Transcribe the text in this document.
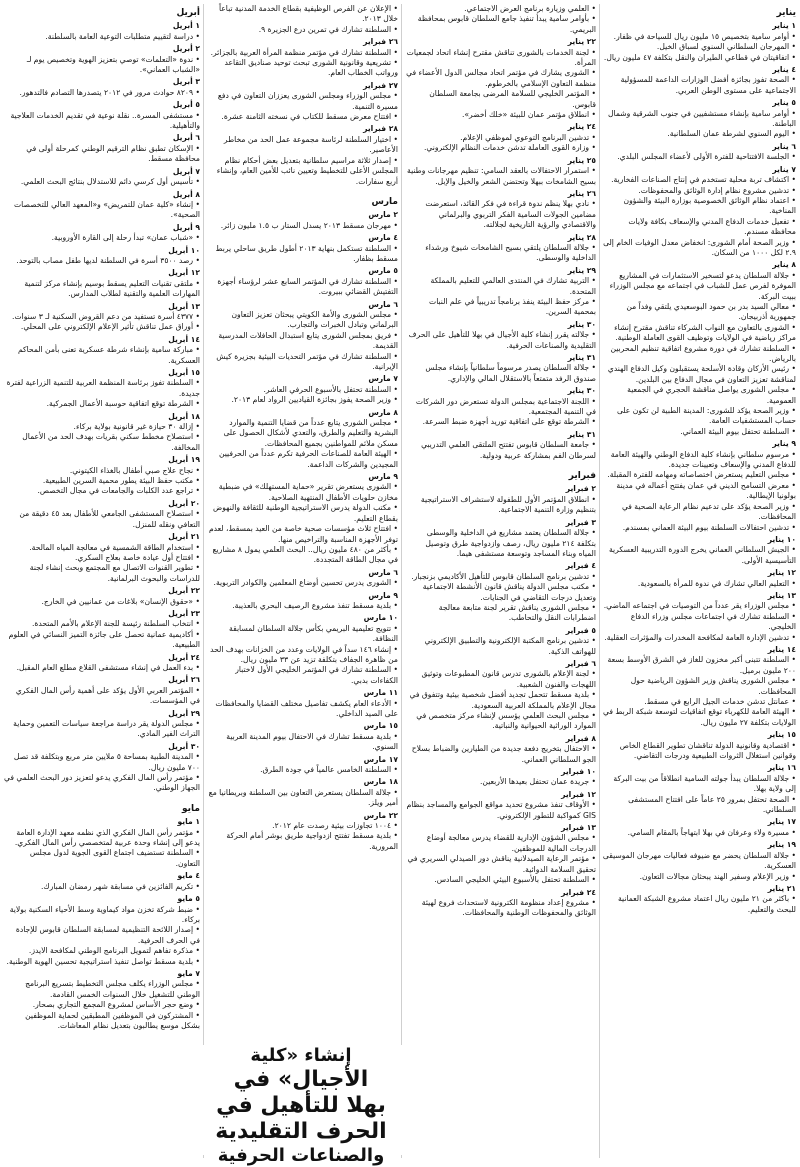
يناير
١ يناير
• أوامر سامية بتخصيص ١٥ مليون ريال للسياحة في ظفار.
• المهرجان السلطاني السنوي لسباق الخيل.
• اتفاقيتان في قطاعي الطيران والنقل بتكلفة ٤٧ مليون ريال.
٤ يناير
• الصحة تفوز بجائزة أفضل الوزارات الداعمة للمسؤولية الاجتماعية على مستوى الوطن العربي.
٥ يناير
• أوامر سامية بإنشاء مستشفيين في جنوب الشرقية وشمال الباطنة.
• اليوم السنوي لشرطة عمان السلطانية.
٦ يناير
• الجلسة الافتتاحية للفترة الأولى لأعضاء المجلس البلدي.
٧ يناير
• اكتشاف تربة محلية تستخدم في إنتاج الصناعات الفخارية.
• تدشين مشروع نظام إدارة الوثائق والمحفوظات.
• اعتماد نظام الوثائق الخصوصية بوزارة البيئة والشؤون المناخية.
• تفعيل خدمات الدفاع المدني والإسعاف بكافة ولايات محافظة مسندم.
• وزير الصحة أمام الشورى: انخفاض معدل الوفيات الخام إلى ٢.٩ لكل ١٠٠٠ من السكان.
٨ يناير
• جلالة السلطان يدعو لتسخير الاستثمارات في المشاريع الموفرة لفرص عمل للشباب في اجتماعه مع مجلس الوزراء ببيت البركة.
• معالي السيد بدر بن حمود البوسعيدي يلتقي وفداً من جمهورية أذربيجان.
• الشورى بالتعاون مع النواب الشركاء تناقش مقترح إنشاء مراكز رياضية في الولايات وتوظيف القوى العاملة الوطنية.
• السلطنة تشارك في دورة مشروع اتفاقية تنظيم المحربين بالرياض.
• رئيس الأركان وقادة الأسلحة يستقبلون وكيل الدفاع الهندي لمناقشة تعزيز التعاون في مجال الدفاع بين البلدين.
• مجلس الشورى يواصل مناقشة الحجري في الجمعية العمومية.
• وزير الصحة يؤكد للشورى: المدينة الطبية لن تكون على حساب المستشفيات العامة.
• السلطنة تحتفل بيوم البيئة العماني.
٩ يناير
• مرسوم سلطاني بإنشاء كلية الدفاع الوطني والهيئة العامة للدفاع المدني والإسعاف وتعيينات جديدة.
• مجلس التعليم يستعرض اختصاصاته ومهامه للفترة المقبلة.
• معرض التسامح الديني في عمان يفتتح أعماله في مدينة بولونيا الإيطالية.
• وزير الصحة يؤكد على تدعيم نظام الرعاية الصحية في المحافظات.
• تدشين احتفالات السلطنة بيوم البيئة العماني بمسندم.
١٠ يناير
• الجيش السلطاني العماني يخرج الدورة التدريبية العسكرية التأسيسية الأولى.
١٢ يناير
• التعليم العالي تشارك في ندوة للمرأة بالسعودية.
١٣ يناير
• مجلس الوزراء يقر عدداً من التوصيات في اجتماعه الماضي.
• السلطنة تشارك في اجتماعات مجلس وزراء الدفاع الخليجي.
• تدشين الإدارة العامة لمكافحة المخدرات والمؤثرات العقلية.
١٤ يناير
• السلطنة تتبنى أكبر مخزون للغاز في الشرق الأوسط بسعة ٢٠٠ مليون برميل.
• مجلس الشورى يناقش وزير الشؤون الرياضية حول المحافظات.
• عمانتل تدشن خدمات الجيل الرابع في مسقط.
• الهيئة العامة للكهرباء توقع اتفاقيات لتوسعة شبكة الربط في الولايات بتكلفة ٢٧ مليون ريال.
١٥ يناير
• اقتصادية وقانونية الدولة تناقشان تطوير القطاع الخاص وقوانين استغلال الثروات الطبيعية ودرجات التقاضي.
١٦ يناير
• جلالة السلطان يبدأ جولته السامية انطلاقاً من بيت البركة إلى ولاية بهلا.
• الصحة تحتفل بمرور ٢٥ عاماً على افتتاح المستشفى السلطاني.
١٧ يناير
• مسيرة ولاء وعرفان في بهلا ابتهاجاً بالمقام السامي.
١٩ يناير
• جلالة السلطان يحضر مع ضيوفه فعاليات مهرجان الموسيقى العسكرية.
• وزير الإعلام وسفير الهند يبحثان مجالات التعاون.
٢١ يناير
• باكثر من ٢١ مليون ريال اعتماد مشروع الشبكة العمانية للبحث والتعليم.
• العلمي وزيارة برنامج العرض الاجتماعي.
• بأوامر سامية يبدأ تنفيذ جامع السلطان قابوس بمحافظة البريمي.
٢٢ يناير
• لجنة الخدمات بالشورى تناقش مقترح إنشاء اتحاد لجمعيات المرأة.
• الشورى يشارك في مؤتمر اتحاد مجالس الدول الأعضاء في منظمة التعاون الإسلامي بالخرطوم.
• المؤتمر الخليجي للسلامة المرضى بجامعة السلطان قابوس.
• انطلاق مؤتمر عمان للبيئة «خلك أخضر».
٢٤ يناير
• تدشين البرنامج التوعوي لموظفي الإعلام.
• وزارة القوى العاملة تدشن خدمات النظام الإلكتروني.
٢٥ يناير
• استمرار الاحتفالات بالعقد السامي: تنظيم مهرجانات وطنية بسيح الشامخات ببهلا وتحتضن الشعر والخيل والإبل.
٢٦ يناير
• نادي بهلا ينظم ندوة قراءة في فكر القائد، استعرضت مضامين الجولات السامية الفكر التربوي والبرلماني والاقتصادي والرؤية التاريخية لجلالته.
٢٨ يناير
• جلالة السلطان يلتقي بسيح الشامخات شيوخ ورشداء الداخلية والوسطى.
٢٩ يناير
• التربية تشارك في المنتدى العالمي للتعليم بالمملكة المتحدة.
• مركز حفظ البيئة ينفذ برنامجاً تدريبياً في علم النبات بمحمية السرين.
٣٠ يناير
• جلالته يقرر إنشاء كلية الأجيال في بهلا للتأهيل على الحرف التقليدية والصناعات الحرفية.
٣١ يناير
• جلالة السلطان يصدر مرسوماً سلطانياً بإنشاء مجلس صندوق الرفد متمتعاً بالاستقلال المالي والإداري.
٣٠ يناير
• اللجنة الاجتماعية بمجلس الدولة تستعرض دور الشركات في التنمية المجتمعية.
• الشرطة توقع على اتفاقية توريد أجهزة ضبط السرعة.
٣١ يناير
• جامعة السلطان قابوس تفتتح الملتقى العلمي التدريبي لسرطان الفم بمشاركة عربية ودولية.
فبراير
٢ فبراير
• انطلاق المؤتمر الأول للطفولة لاستشراف الاستراتيجية بتنظيم وزارة التنمية الاجتماعية.
٣ فبراير
• جلالة السلطان يعتمد مشاريع في الداخلية والوسطى بتكلفة ٢١٤ مليون ريال، رصف وازدواجية طرق وتوصيل المياه وبناء المساجد وتوسعة مستشفى هيما.
٤ فبراير
• تدشين برنامج السلطان قابوس للتأهيل الأكاديمي بزنجبار.
• مكتب مجلس الدولة يناقش قانون الأنشطة الاجتماعية وتعديل درجات التقاضي في الجنايات.
• مجلس الشورى يناقش تقرير لجنة متابعة معالجة اضطرابات النقل والتحاطب.
٥ فبراير
• تدشين برنامج المكتبة الإلكترونية والتطبيق الإلكتروني للهواتف الذكية.
٦ فبراير
• لجنة الإعلام بالشورى تدرس قانون المطبوعات وتوثيق اللهجات والفنون الشعبية.
• بلدية مسقط تتحمل تجديد أفضل شخصية بيئية وتتفوق في مجال الإعلام بالمملكة العربية السعودية.
• مجلس البحث العلمي يؤسس لإنشاء مركز متخصص في الموارد الوراثية الحيوانية والنباتية.
٨ فبراير
• الاحتفال بتخريج دفعة جديدة من الطيارين والضباط بسلاح الجو السلطاني العماني.
١٠ فبراير
• جريدة عمان تحتفل بعيدها الأربعين.
١٢ فبراير
• الأوقاف تنفذ مشروع تحديد مواقع الجوامع والمساجد بنظام GIS كمواكبة للتطور الإلكتروني.
١٣ فبراير
• مجلس الشؤون الإدارية للقضاء يدرس معالجة أوضاع الدرجات المالية للموظفين.
• مؤتمر الرعاية الصيدلانية يناقش دور الصيدلي السريري في تحقيق السلامة الدوائية.
• السلطنة تحتفل بالأسبوع البيئي الخليجي السادس.
٢٤ فبراير
• مشروع إعداد منظومة الكترونية لاستحداث فروع لهيئة الوثائق والمحفوظات الوطنية والمحافظات.
• الإعلان عن الفرص الوظيفية بقطاع الخدمة المدنية تباعاً خلال ٢٠١٣.
• السلطنة تشارك في تمرين درع الجزيرة ٩.
٢٦ فبراير
• السلطنة تشارك في مؤتمر منظمة المرأة العربية بالجزائر.
• تشريعية وقانونية الشورى تبحث توحيد صناديق التقاعد ورواتب الخطاب العام.
٢٧ فبراير
• مجلس الوزراء ومجلس الشورى يعززان التعاون في دفع مسيرة التنمية.
• افتتاح معرض مسقط للكتاب في نسخته الثامنة عشرة.
٢٨ فبراير
• اختيار السلطنة لرئاسة مجموعة عمل الحد من مخاطر الأعاصير.
• إصدار ثلاثة مراسيم سلطانية بتعديل بعض أحكام نظام المجلس الأعلى للتخطيط وتعيين نائب للأمين العام، وإنشاء أربع سفارات.
مارس
٢ مارس
• مهرجان مسقط ٢٠١٣ يسدل الستار ب ١.٥ مليون زائر.
٤ مارس
• السلطنة تستكمل بنهاية ٢٠١٣ أطول طريق ساحلي يربط مسقط بظفار.
٥ مارس
• السلطنة تشارك في المؤتمر السابع عشر لرؤساء أجهزة التفتيش القضائي ببيروت.
٦ مارس
• مجلس الشورى والأمة الكويتي يبحثان تعزيز التعاون البرلماني وتبادل الخبرات والتجارب.
• فريق بمجلس الشورى يتابع استبدال الحافلات المدرسية القديمة.
• السلطنة تشارك في مؤتمر التحديات البيئية بجزيرة كيش الإيرانية.
٧ مارس
• السلطنة تحتفل بالأسبوع الحرفي العاشر.
• وزير الصحة يفوز بجائزة القياديين الرواد لعام ٢٠١٣.
٨ مارس
• مجلس الشورى يتابع عدداً من قضايا التنمية والموارد البشرية والتعليم والطرق، والتعدي لأشكال الحصول على مسكن ملائم للمواطنين بجميع المحافظات.
• الهيئة العامة للصناعات الحرفية تكرم عدداً من الحرفيين المجيدين والشركات الداعمة.
٩ مارس
• الشورى يستعرض تقرير «حماية المستهلك» في ضبطية مخازن حلويات الأطفال المنتهية الصلاحية.
• مكتب الدولة يدرس الاستراتيجية الوطنية للثقافة والنهوض بقطاع التعليم.
• افتتاح ثلاث مؤسسات صحية خاصة من العيد بمسقط، لعدم توفر الأجهزة المناسبة والتراخيص منها.
• بأكثر من ٤٨٠ مليون ريال.. البحث العلمي يمول ٨ مشاريع في مجال الطاقة المتجددة.
٦ مارس
• الشورى يدرس تحسين أوضاع المعلمين والكوادر التربوية.
٩ مارس
• بلدية مسقط تنفذ مشروع الرصيف البحري بالعذيبة.
١٠ مارس
• تتويج تعليمية البريمي بكأس جلالة السلطان لمسابقة النظافة.
• إنشاء ١٤٦ سداً في الولايات وعدد من الخزانات بهدف الحد من ظاهرة الجفاف بتكلفة تزيد عن ٣٣ مليون ريال.
• السلطنة تشارك في المؤتمر الخليجي الأول لاختبار الكفاءات بدبي.
١١ مارس
• الأدعاء العام يكشف تفاصيل مختلف القضايا والمحافظات على الصيد الداخلي.
١٥ مارس
• بلدية مسقط تشارك في الاحتفال بيوم المدينة العربية السنوي.
١٧ مارس
• السلطنة الخامس عالمياً في جودة الطرق.
١٨ مارس
• جلالة السلطان يستعرض التعاون بين السلطنة وبريطانيا مع أمير ويلز.
٢٢ مارس
• ١٠٠٤ تجاوزات بيئية رصدت عام ٢٠١٢.
• بلدية مسقط تفتتح ازدواجية طريق بوشر أمام الحركة المرورية.
أبريل
١ أبريل
• دراسة لتقييم متطلبات التوعية العامة بالسلطنة.
٢ أبريل
• ندوة «التعلمات» توصي بتعزيز الهوية وتخصيص يوم لـ «الشباب العماني».
٣ أبريل
• ٨٢٠٩ حوادث مرور في ٢٠١٢ يتصدرها التصادم فالتدهور.
٥ أبريل
• مستشفى المسرة.. نقلة نوعية في تقديم الخدمات العلاجية والتأهيلية.
٦ أبريل
• الإسكان تطبق نظام الترقيم الوطني كمرحلة أولى في محافظة مسقط.
٧ أبريل
• تأسيس أول كرسي دائم للاستدلال بنتائج البحث العلمي.
٨ أبريل
• إنشاء «كلية عمان للتمريض» و«المعهد العالي للتخصصات الصحية».
٩ أبريل
• «شباب عمان» تبدأ رحلة إلى القارة الأوروبية.
١٠ أبريل
• رصد ٣٥٠٠ أسرة في السلطنة لديها طفل مصاب بالتوحد.
١٢ أبريل
• ملتقى تقنيات التعليم يسقط بوسيم بإنشاء مركز لتنمية المهارات العلمية والتقنية لطلاب المدارس.
١٣ أبريل
• ٤٣٧٧ أسرة تستفيد من دعم القروض السكنية لـ ٣ سنوات.
• أوراق عمل تناقش تأثير الإعلام الإلكتروني على المحلي.
١٤ أبريل
• مباركة سامية بإنشاء شرطة عسكرية تعنى بأمن المحاكم العسكرية.
١٥ أبريل
• السلطنة تفوز برئاسة المنظمة العربية للتنمية الزراعية لفترة جديدة.
• الشرطة توقع اتفاقية حوسبة الأعمال الجمركية.
١٨ أبريل
• إزالة ٣٠ حيازة غير قانونية بولاية بركاء.
• استصلاح مخطط سكني بقريات بهدف الحد من الأعمال المخالفة.
١٩ أبريل
• نجاح علاج صبي أطفال بالغذاء الكيتوني.
• مكتب حفظ البيئة يطور محمية السرين الطبيعية.
• تراجع عدد الكلبات والجامعات في مجال التخصص.
٢٠ أبريل
• استصلاح المستشفى الجامعي للأطفال بعد ٤٥ دقيقة من التعافي ونقله للمنزل.
٢١ أبريل
• استخدام الطاقة الشمسية في معالجة المياه المالحة.
• افتتاح أول عيادة خاصة بعلاج السكري.
• تطوير القنوات الاتصال مع المجتمع وبحث إنشاء لجنة للدراسات والبحوث البرلمانية.
٢٢ أبريل
• «حقوق الإنسان» بلاغات من عمانيين في الخارج.
٢٣ أبريل
• انتخاب السلطنة رئيسة للجنة الإعلام بالأمم المتحدة.
• أكاديمية عمانية تحصل على جائزة التميز النسائي في العلوم الطبيعية.
٢٤ أبريل
• بدء العمل في إنشاء مستشفى القلاع مطلع العام المقبل.
٢٦ أبريل
• المؤتمر العربي الأول يؤكد على أهمية رأس المال الفكري في المؤسسات.
٢٩ أبريل
• مجلس الدولة يقر دراسة مراجعة سياسات التعمين وحماية التراث الفير المادي.
٣٠ أبريل
• المدينة الطبية بمساحة ٥ ملايين متر مربع وبتكلفة قد تصل ٧٠٠ مليون ريال.
• مؤتمر رأس المال الفكري يدعو لتعزيز دور البحث العلمي في الجهاز الوطني.
مايو
١ مايو
• مؤتمر رأس المال الفكري الذي نظمه معهد الإدارة العامة يدعو إلى إنشاء وحدة عربية لمتخصصي رأس المال الفكري.
• السلطنة تستضيف اجتماع القوى الجوية لدول مجلس التعاون.
٤ مايو
• تكريم الفائزين في مسابقة شهر رمضان المبارك.
٥ مايو
• ضبط شركة تخزن مواد كيماوية وسط الأحياء السكنية بولاية بركاء.
• إصدار اللائحة التنظيمية لمسابقة السلطان قابوس للإجادة في الحرف الحرفية.
• مذكرة تفاهم لتمويل البرنامج الوطني لمكافحة الايدز.
• بلدية مسقط تواصل تنفيذ استراتيجية تحسين الهوية الوطنية.
٧ مايو
• مجلس الوزراء يكلف مجلس التخطيط بتسريع البرنامج الوطني للتشغيل خلال السنوات الخمس القادمة.
• وضع حجر الأساس لمشروع المجمع التجاري بصحار.
• المشتركون في الموظفين المطبقين لحماية الموظفين بشكل موسع يطالبون بتعديل نظام المعاشات.
إنشاء «كلية
الأجيال» في
بهلا للتأهيل في
الحرف التقليدية
والصناعات الحرفية
